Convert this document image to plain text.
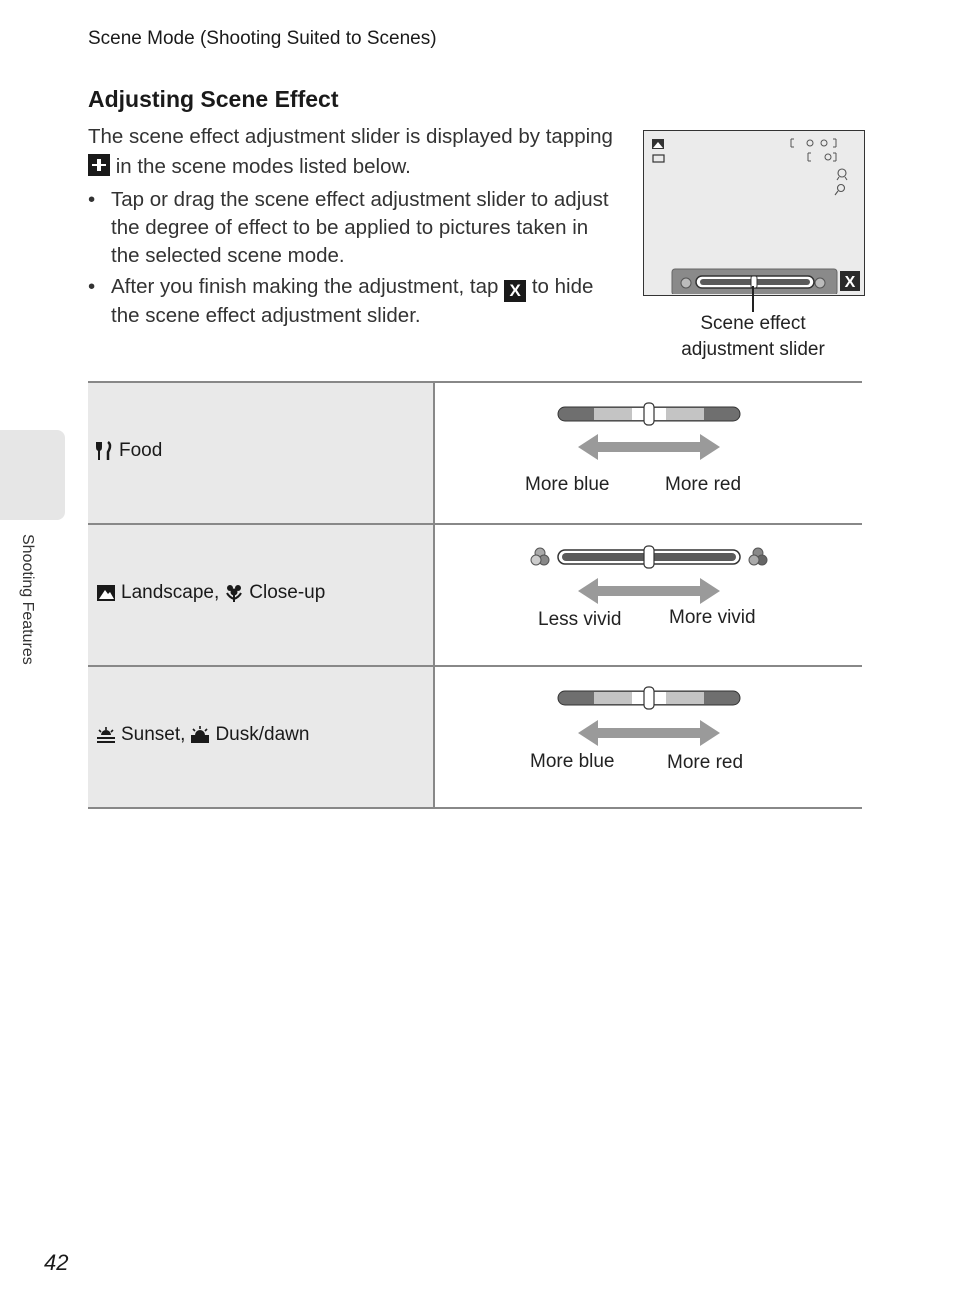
Scene Mode (Shooting Suited to Scenes)
Adjusting Scene Effect

The scene effect adjustment slider is displayed by tapping  in the scene modes listed below.

• Tap or drag the scene effect adjustment slider to adjust the degree of effect to be applied to pictures taken in the selected scene mode.
• After you finish making the adjustment, tap X to hide the scene effect adjustment slider.
X
Scene effect
adjustment slider
Shooting Features
Food
More blue	More red
Landscape, Close-up
Less vivid	More vivid
Sunset, Dusk/dawn
More blue	More red
42
